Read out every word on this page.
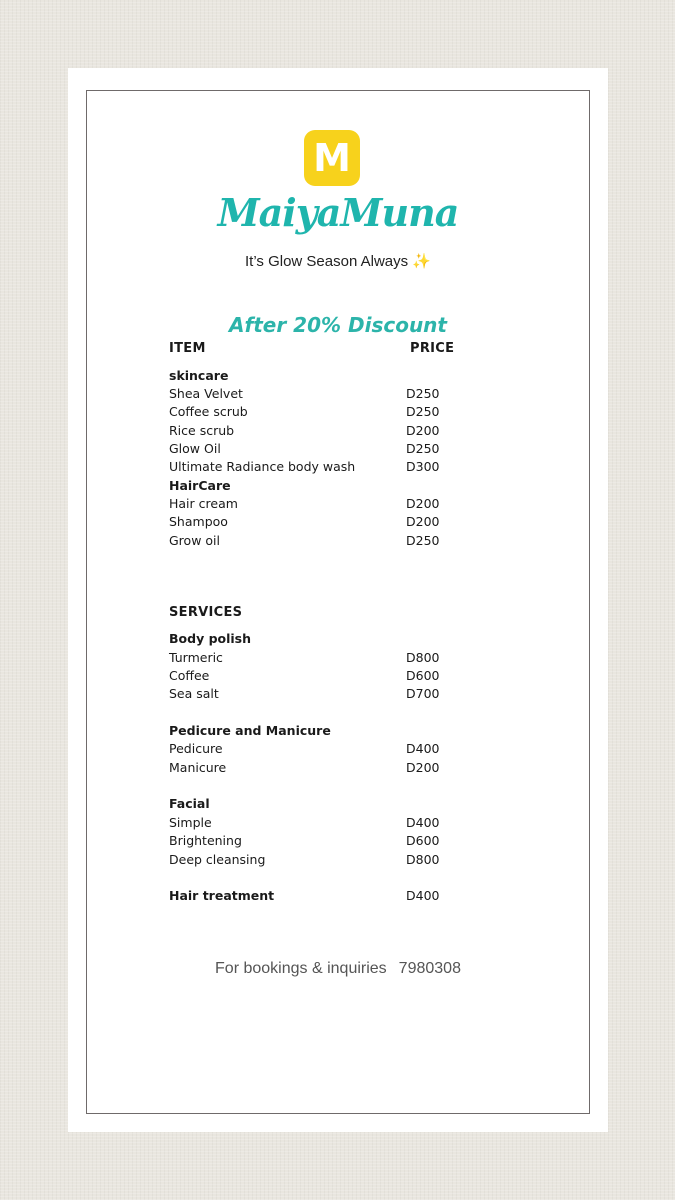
M
MaiyaMuna
It’s Glow Season Always ✨
After 20% Discount
ITEM	PRICE
skincare
Shea Velvet	D250
Coffee scrub	D250
Rice scrub	D200
Glow Oil	D250
Ultimate Radiance body wash	D300
HairCare
Hair cream	D200
Shampoo	D200
Grow oil	D250
SERVICES
Body polish
Turmeric	D800
Coffee	D600
Sea salt	D700
Pedicure and Manicure
Pedicure	D400
Manicure	D200
Facial
Simple	D400
Brightening	D600
Deep cleansing	D800
Hair treatment	D400
For bookings & inquiries 7980308
